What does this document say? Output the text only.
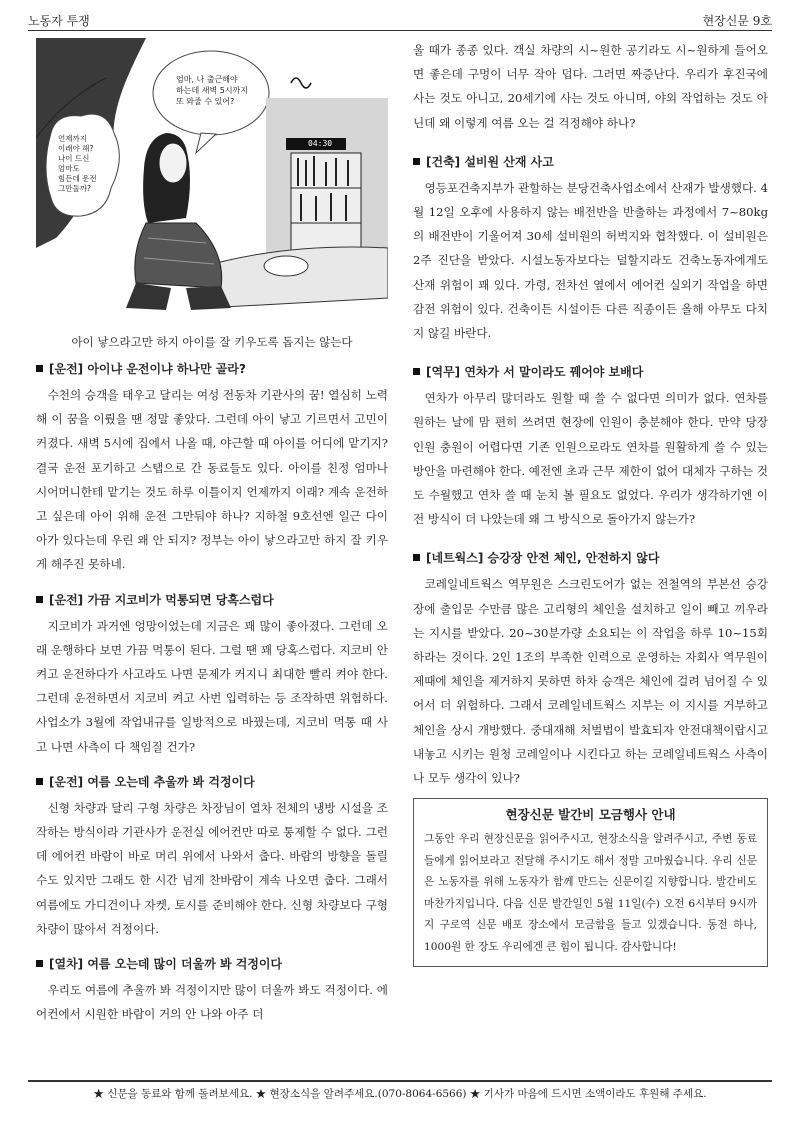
노동자 투쟁	현장신문 9호
04:30
엄마, 나 출근해야
하는데 새벽 5시까지
또 와줄 수 있어?
언제까지
이래야 해?
나이 드신
엄마도
힘든데 운전
그만둘까?
아이 낳으라고만 하지 아이를 잘 키우도록 돕지는 않는다
[운전] 아이냐 운전이냐 하나만 골라?

수천의 승객을 태우고 달리는 여성 전동차 기관사의 꿈! 열심히 노력해 이 꿈을 이뤘을 땐 정말 좋았다. 그런데 아이 낳고 기르면서 고민이 커졌다. 새벽 5시에 집에서 나올 때, 야근할 때 아이를 어디에 맡기지? 결국 운전 포기하고 스탭으로 간 동료들도 있다. 아이를 친정 엄마나 시어머니한테 맡기는 것도 하루 이틀이지 언제까지 이래? 계속 운전하고 싶은데 아이 위해 운전 그만둬야 하나? 지하철 9호선엔 일근 다이아가 있다는데 우린 왜 안 되지? 정부는 아이 낳으라고만 하지 잘 키우게 해주진 못하네.

[운전] 가끔 지코비가 먹통되면 당혹스럽다

지코비가 과거엔 엉망이었는데 지금은 꽤 많이 좋아졌다. 그런데 오래 운행하다 보면 가끔 먹통이 된다. 그럴 땐 꽤 당혹스럽다. 지코비 안 켜고 운전하다가 사고라도 나면 문제가 커지니 최대한 빨리 켜야 한다. 그런데 운전하면서 지코비 켜고 사번 입력하는 등 조작하면 위험하다. 사업소가 3월에 작업내규를 일방적으로 바꿨는데, 지코비 먹통 때 사고 나면 사측이 다 책임질 건가?

[운전] 여름 오는데 추울까 봐 걱정이다

신형 차량과 달리 구형 차량은 차장님이 열차 전체의 냉방 시설을 조작하는 방식이라 기관사가 운전실 에어컨만 따로 통제할 수 없다. 그런데 에어컨 바람이 바로 머리 위에서 나와서 춥다. 바람의 방향을 돌릴 수도 있지만 그래도 한 시간 넘게 찬바람이 계속 나오면 춥다. 그래서 여름에도 가디건이나 자켓, 토시를 준비해야 한다. 신형 차량보다 구형 차량이 많아서 걱정이다.

[열차] 여름 오는데 많이 더울까 봐 걱정이다

우리도 여름에 추울까 봐 걱정이지만 많이 더울까 봐도 걱정이다. 에어컨에서 시원한 바람이 거의 안 나와 아주 더

울 때가 종종 있다. 객실 차량의 시~원한 공기라도 시~원하게 들어오면 좋은데 구멍이 너무 작아 덥다. 그러면 짜증난다. 우리가 후진국에 사는 것도 아니고, 20세기에 사는 것도 아니며, 야외 작업하는 것도 아닌데 왜 이렇게 여름 오는 걸 걱정해야 하나?

[건축] 설비원 산재 사고

영등포건축지부가 관할하는 분당건축사업소에서 산재가 발생했다. 4월 12일 오후에 사용하지 않는 배전반을 반출하는 과정에서 7~80kg의 배전반이 기울어져 30세 설비원의 허벅지와 협착했다. 이 설비원은 2주 진단을 받았다. 시설노동자보다는 덜할지라도 건축노동자에게도 산재 위험이 꽤 있다. 가령, 전차선 옆에서 에어컨 실외기 작업을 하면 감전 위험이 있다. 건축이든 시설이든 다른 직종이든 올해 아무도 다치지 않길 바란다.

[역무] 연차가 서 말이라도 꿰어야 보배다

연차가 아무리 많더라도 원할 때 쓸 수 없다면 의미가 없다. 연차를 원하는 날에 맘 편히 쓰려면 현장에 인원이 충분해야 한다. 만약 당장 인원 충원이 어렵다면 기존 인원으로라도 연차를 원활하게 쓸 수 있는 방안을 마련해야 한다. 예전엔 초과 근무 제한이 없어 대체자 구하는 것도 수월했고 연차 쓸 때 눈치 볼 필요도 없었다. 우리가 생각하기엔 이전 방식이 더 나았는데 왜 그 방식으로 돌아가지 않는가?

[네트웍스] 승강장 안전 체인, 안전하지 않다

코레일네트웍스 역무원은 스크린도어가 없는 전철역의 부본선 승강장에 출입문 수만큼 많은 고리형의 체인을 설치하고 일이 빼고 끼우라는 지시를 받았다. 20~30분가량 소요되는 이 작업을 하루 10~15회 하라는 것이다. 2인 1조의 부족한 인력으로 운영하는 자회사 역무원이 제때에 체인을 제거하지 못하면 하차 승객은 체인에 걸려 넘어질 수 있어서 더 위험하다. 그래서 코레일네트웍스 지부는 이 지시를 거부하고 체인을 상시 개방했다. 중대재해 처벌법이 발효되자 안전대책이랍시고 내놓고 시키는 원청 코레일이나 시킨다고 하는 코레일네트웍스 사측이나 모두 생각이 있나?

현장신문 발간비 모금행사 안내
그동안 우리 현장신문을 읽어주시고, 현장소식을 알려주시고, 주변 동료들에게 읽어보라고 전달해 주시기도 해서 정말 고마웠습니다. 우리 신문은 노동자를 위해 노동자가 함께 만드는 신문이길 지향합니다. 발간비도 마찬가지입니다. 다음 신문 발간일인 5월 11일(수) 오전 6시부터 9시까지 구로역 신문 배포 장소에서 모금함을 들고 있겠습니다. 동전 하나, 1000원 한 장도 우리에겐 큰 힘이 됩니다. 감사합니다!
★ 신문을 동료와 함께 돌려보세요. ★ 현장소식을 알려주세요.(070-8064-6566) ★ 기사가 마음에 드시면 소액이라도 후원해 주세요.
